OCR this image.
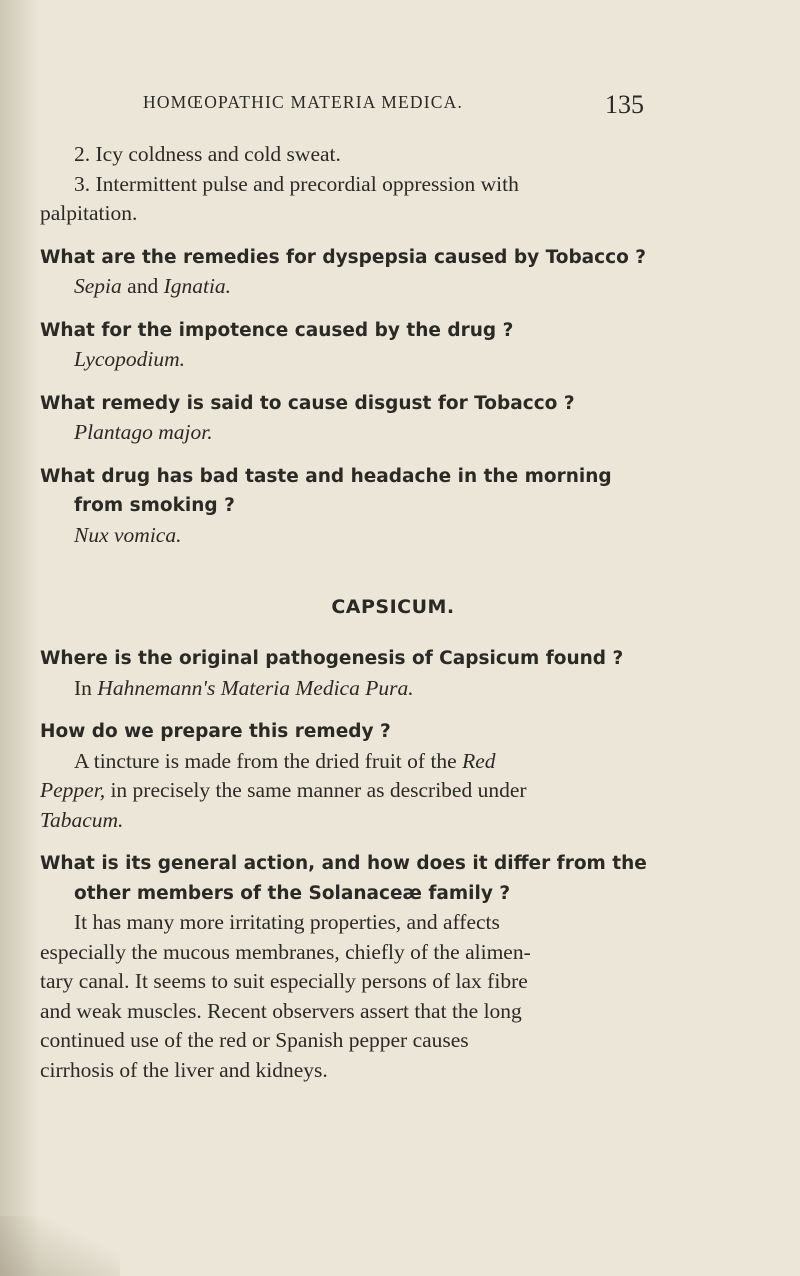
HOMŒOPATHIC MATERIA MEDICA.	135
2. Icy coldness and cold sweat.
3. Intermittent pulse and precordial oppression with
palpitation.
What are the remedies for dyspepsia caused by Tobacco ?
Sepia and Ignatia.
What for the impotence caused by the drug ?
Lycopodium.
What remedy is said to cause disgust for Tobacco ?
Plantago major.
What drug has bad taste and headache in the morning
from smoking ?
Nux vomica.
CAPSICUM.
Where is the original pathogenesis of Capsicum found ?
In Hahnemann's Materia Medica Pura.
How do we prepare this remedy ?
A tincture is made from the dried fruit of the Red
Pepper, in precisely the same manner as described under
Tabacum.
What is its general action, and how does it differ from the
other members of the Solanaceæ family ?
It has many more irritating properties, and affects
especially the mucous membranes, chiefly of the alimen-
tary canal. It seems to suit especially persons of lax fibre
and weak muscles. Recent observers assert that the long
continued use of the red or Spanish pepper causes
cirrhosis of the liver and kidneys.
